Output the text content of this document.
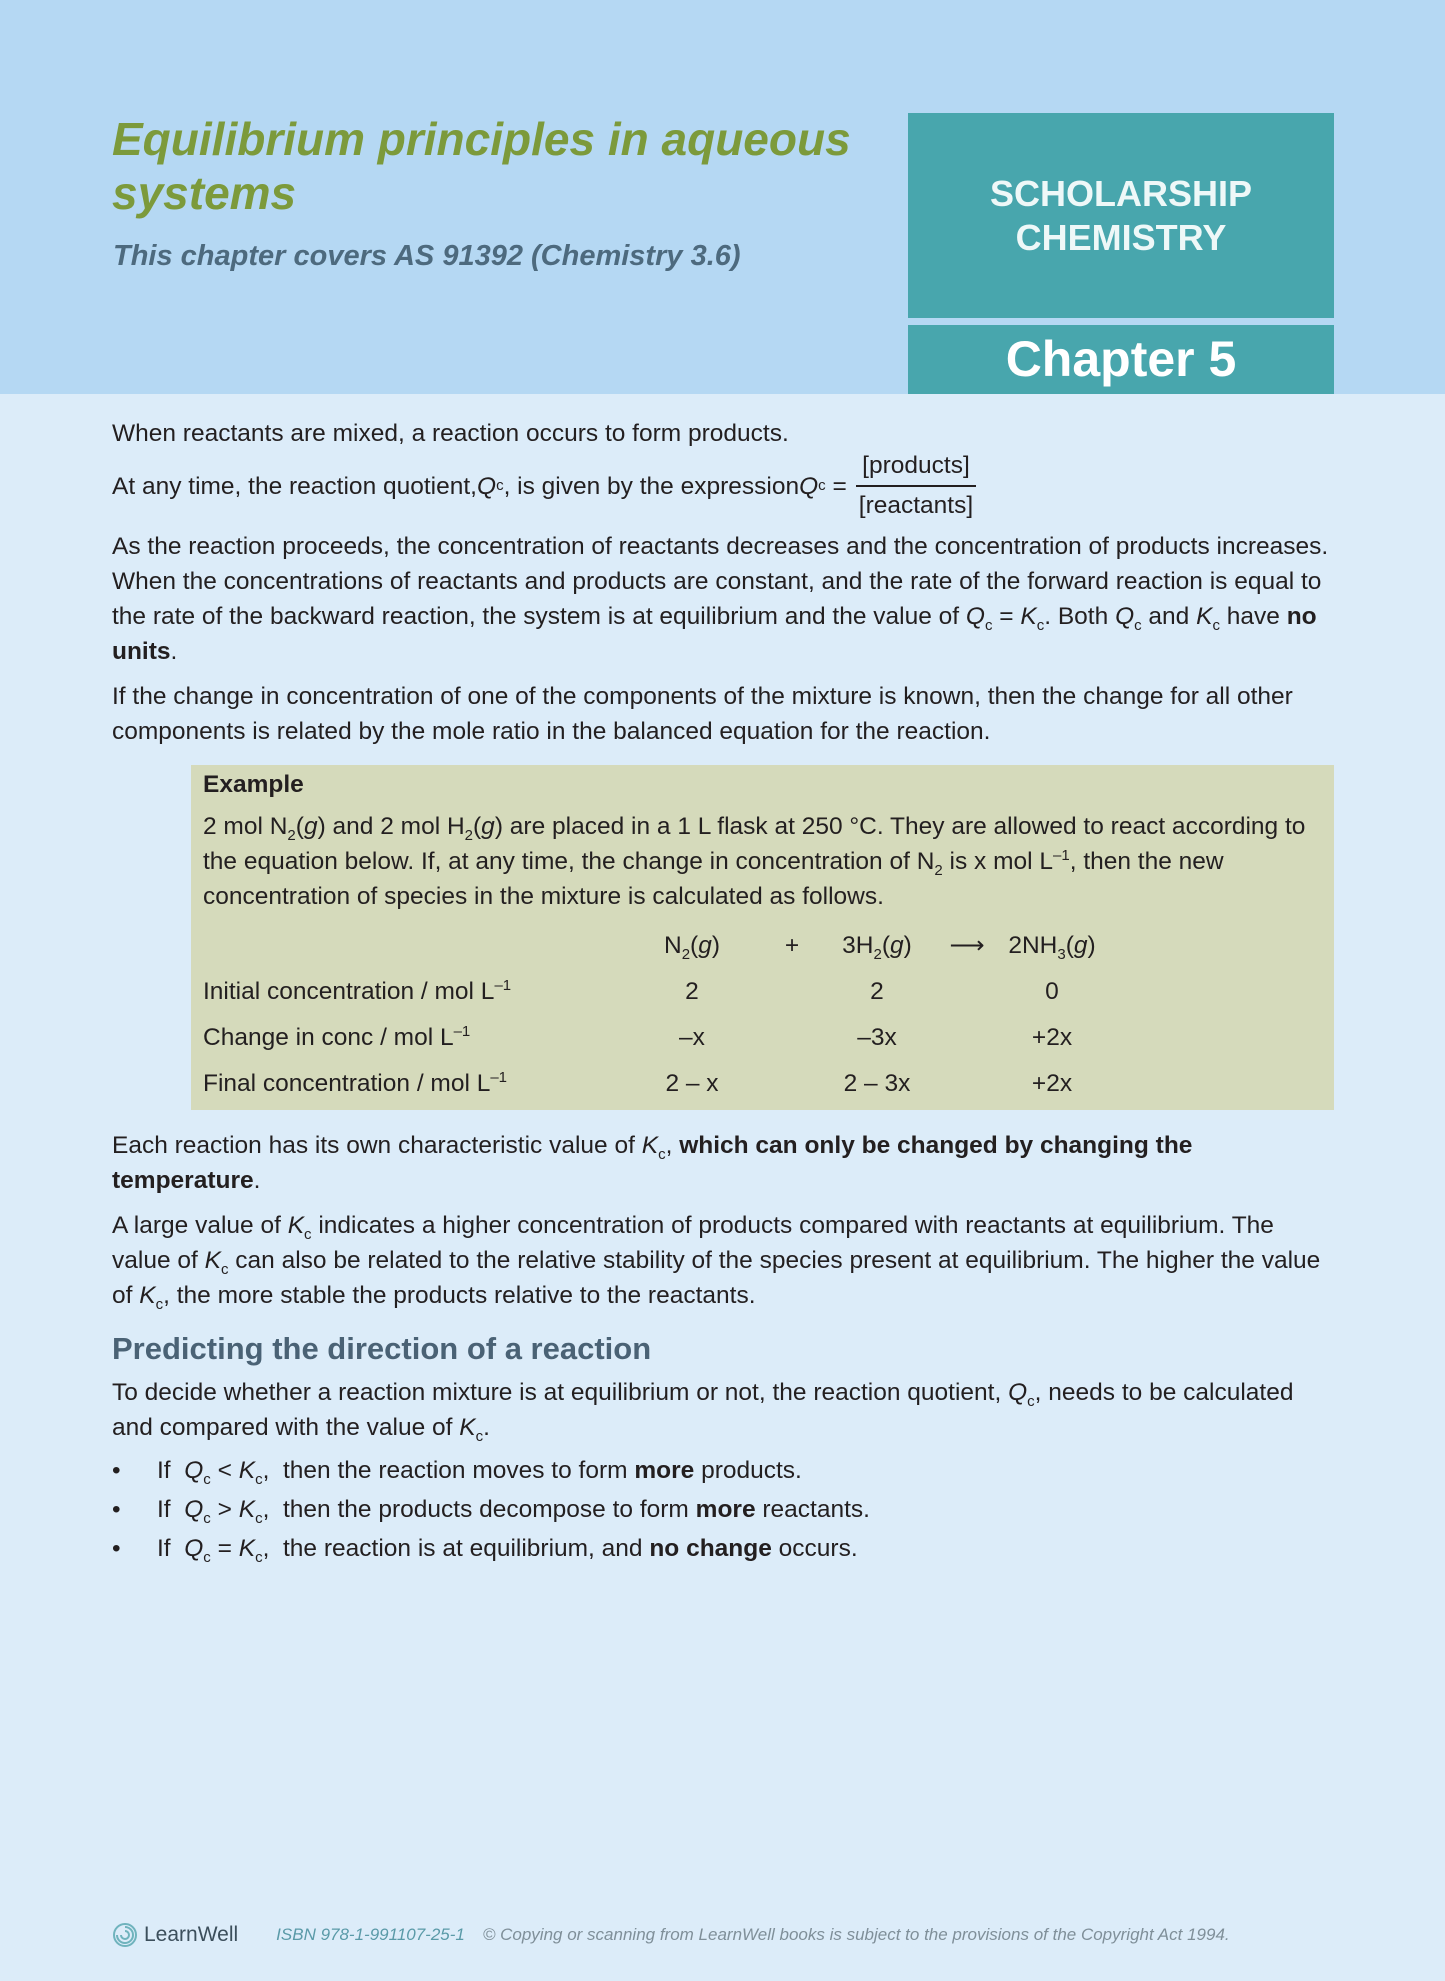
Equilibrium principles in aqueous systems
This chapter covers AS 91392 (Chemistry 3.6)
SCHOLARSHIP
CHEMISTRY
Chapter 5

When reactants are mixed, a reaction occurs to form products.

At any time, the reaction quotient, Q c , is given by the expression Q $c = \frac{\text{[products]}}{\text{[reactants]}}$

As the reaction proceeds, the concentration of reactants decreases and the concentration of products increases. When the concentrations of reactants and products are constant, and the rate of the forward reaction is equal to the rate of the backward reaction, the system is at equilibrium and the value of $Q_c = K_c$. Both $Q_c$ and $K_c$ have no units.

If the change in concentration of one of the components of the mixture is known, then the change for all other components is related by the mole ratio in the balanced equation for the reaction.

Example

2 mol $N_2(g)$ and 2 mol $H_2(g)$ are placed in a 1 L flask at 250 °C. They are allowed to react according to the equation below. If, at any time, the change in concentration of $N_2$ is x mol $L^{-1}$, then the new concentration of species in the mixture is calculated as follows.

	$N_2(g)$	+	$3H_2(g)$	⟶	$2NH_3(g)$
Initial concentration / mol $L^{-1}$	2		2		0
Change in conc / mol $L^{-1}$	–x		–3x		+2x
Final concentration / mol $L^{-1}$	2 – x		2 – 3x		+2x

Each reaction has its own characteristic value of $K_c$, which can only be changed by changing the temperature.

A large value of $K_c$ indicates a higher concentration of products compared with reactants at equilibrium. The value of $K_c$ can also be related to the relative stability of the species present at equilibrium. The higher the value of $K_c$, the more stable the products relative to the reactants.

Predicting the direction of a reaction

To decide whether a reaction mixture is at equilibrium or not, the reaction quotient, $Q_c$, needs to be calculated and compared with the value of $K_c$.

• If  $Q_c < K_c$,  then the reaction moves to form more products.
• If  $Q_c > K_c$,  then the products decompose to form more reactants.
• If  $Q_c = K_c$,  the reaction is at equilibrium, and no change occurs.
LearnWell ISBN 978-1-991107-25-1 © Copying or scanning from LearnWell books is subject to the provisions of the Copyright Act 1994.
